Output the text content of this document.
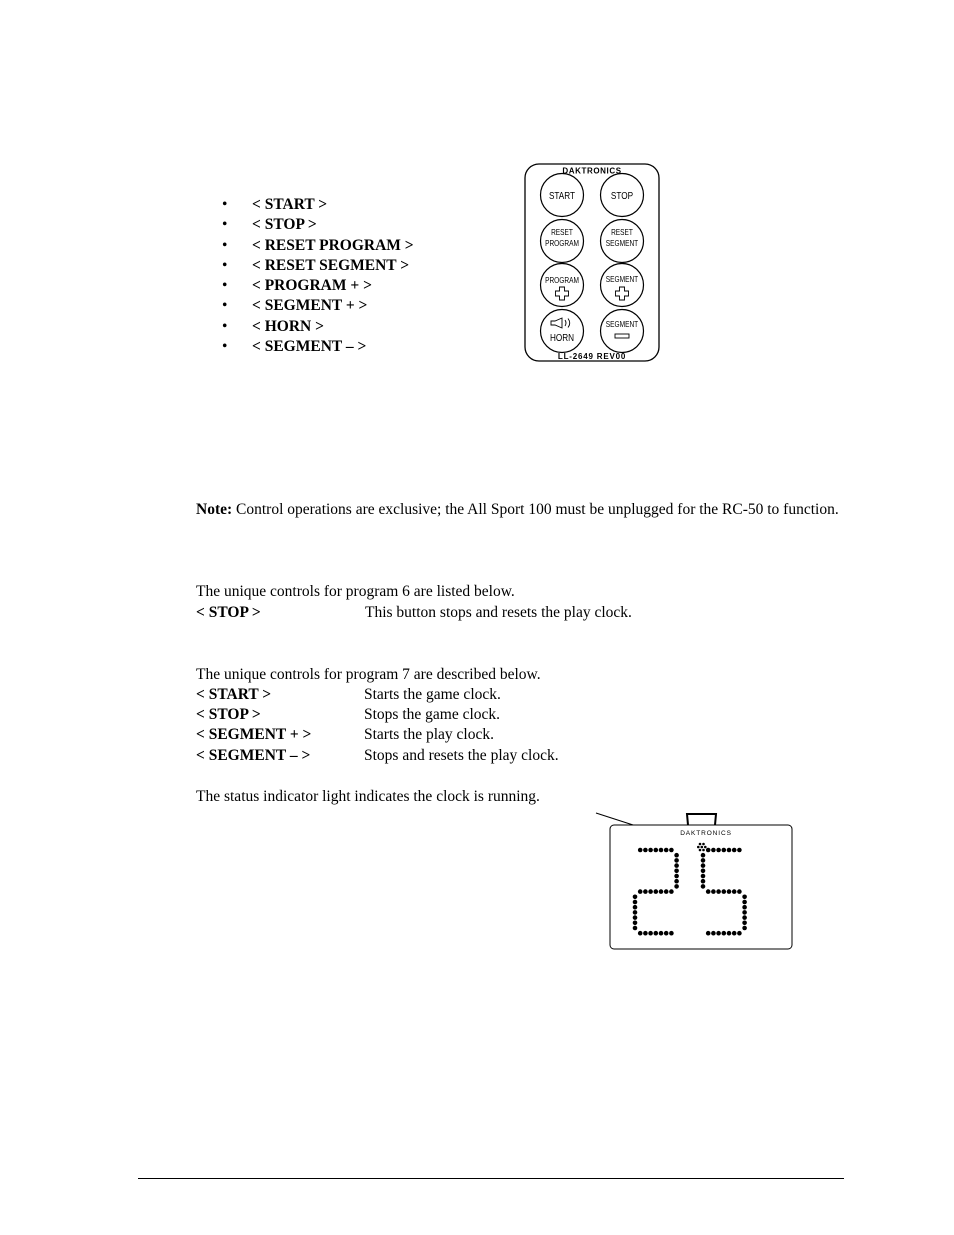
• < START >
• < STOP >
• < RESET PROGRAM >
• < RESET SEGMENT >
• < PROGRAM + >
• < SEGMENT + >
• < HORN >
• < SEGMENT – >
DAKTRONICS
START	STOP
RESET
PROGRAM
RESET
SEGMENT
PROGRAM	SEGMENT
HORN
SEGMENT
LL-2649 REV00
Note: Control operations are exclusive; the All Sport 100 must be unplugged for the RC-50 to function.
The unique controls for program 6 are listed below.
< STOP >	This button stops and resets the play clock.
The unique controls for program 7 are described below.
< START >	Starts the game clock.
< STOP >	Stops the game clock.
< SEGMENT + >	Starts the play clock.
< SEGMENT – >	Stops and resets the play clock.
The status indicator light indicates the clock is running.
DAKTRONICS
